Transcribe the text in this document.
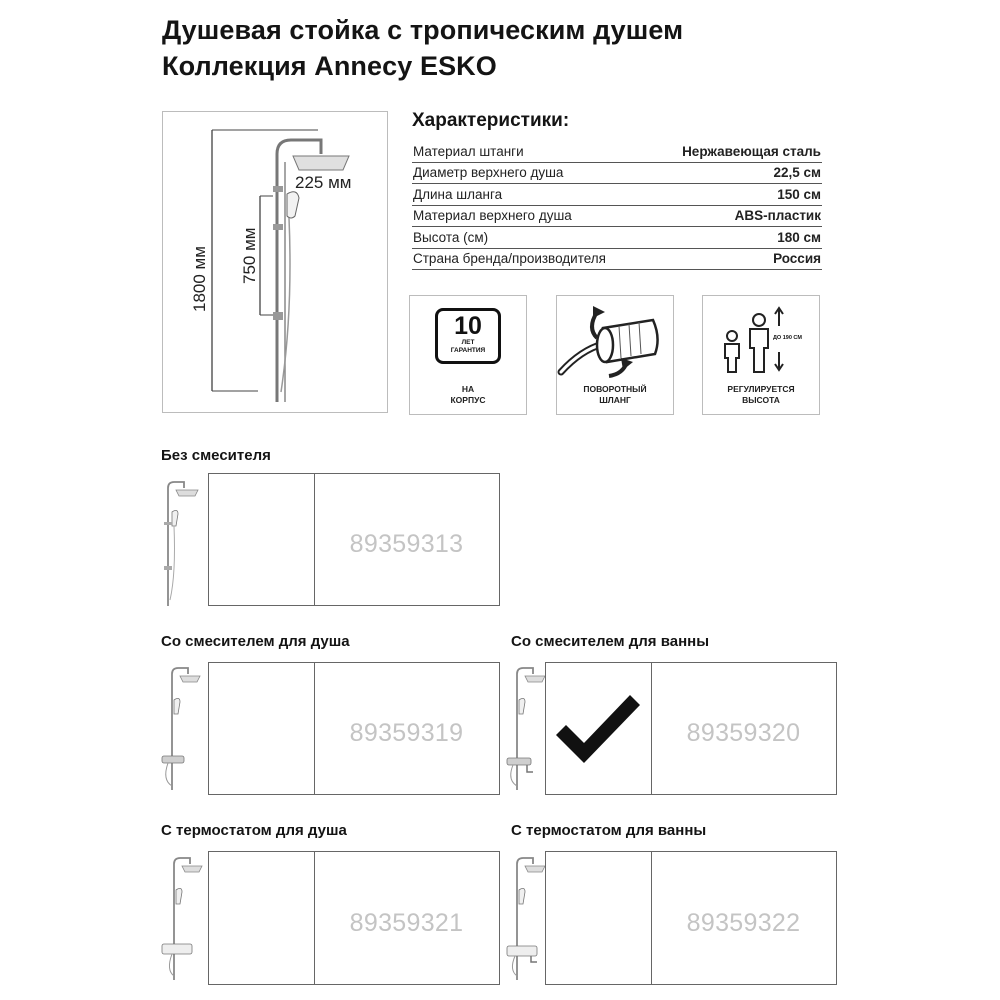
Душевая стойка с тропическим душем
Коллекция Annecy ESKO
1800 мм 750 мм
225 мм
Характеристики:
Материал штанги	Нержавеющая сталь
Диаметр верхнего душа	22,5 см
Длина шланга	150 см
Материал верхнего душа	ABS-пластик
Высота (см)	180 см
Страна бренда/производителя	Россия
10
ЛЕТ
ГАРАНТИЯ
НА
КОРПУС
ПОВОРОТНЫЙ
ШЛАНГ
ДО 190 СМ
РЕГУЛИРУЕТСЯ
ВЫСОТА
Без смесителя
89359313
Со смесителем для душа
89359319
Со смесителем для ванны
89359320
С термостатом для душа
89359321
С термостатом для ванны
89359322
